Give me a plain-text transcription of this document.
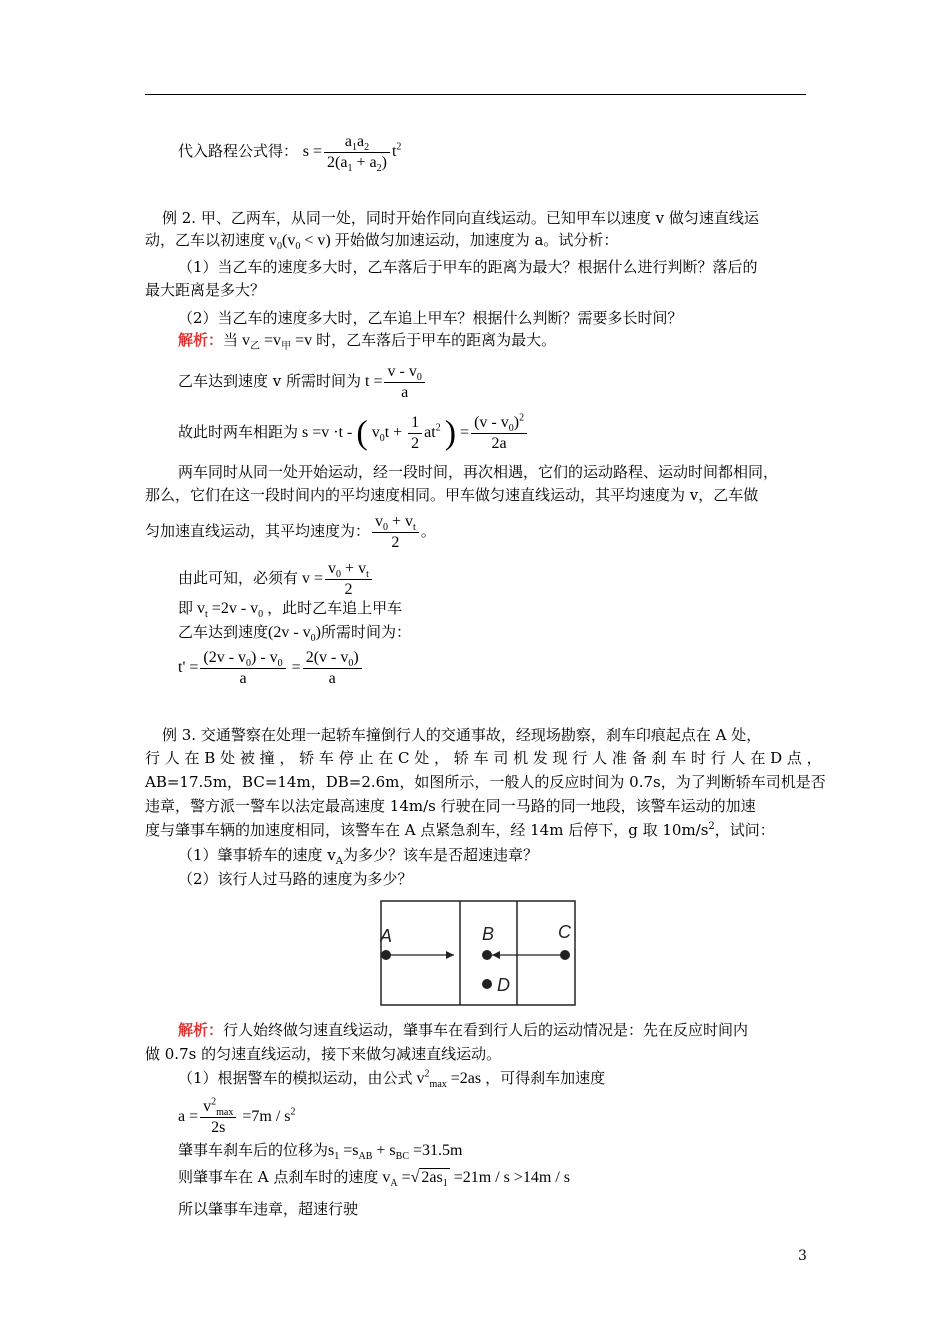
代入路程公式得： $s = \frac{a_1a_2}{2(a_1 + a_2)} t^2$
例 2. 甲、乙两车，从同一处，同时开始作同向直线运动。已知甲车以速度 v 做匀速直线运
动，乙车以初速度 $v_0(v_0 < v)$ 开始做匀加速运动，加速度为 a。试分析：
（1）当乙车的速度多大时，乙车落后于甲车的距离为最大？根据什么进行判断？落后的
最大距离是多大？
（2）当乙车的速度多大时，乙车追上甲车？根据什么判断？需要多长时间？
解析：当 $v_乙 =v_甲 =v$ 时，乙车落后于甲车的距离为最大。
乙车达到速度 v 所需时间为 $t = \frac{v - v_0}{a}$
故此时两车相距为 s =v ·t - ( $v_0t + \frac{1}{2} at^2$ ) = $\frac{(v - v_0)^2}{2a}$
两车同时从同一处开始运动，经一段时间，再次相遇，它们的运动路程、运动时间都相同，
那么，它们在这一段时间内的平均速度相同。甲车做匀速直线运动，其平均速度为 v，乙车做
匀加速直线运动，其平均速度为： $\frac{v_0 + v_t}{2}$ 。
由此可知，必须有 $v = \frac{v_0 + v_t}{2}$
即 $v_t =2v - v_0$ ，此时乙车追上甲车
乙车达到速度$(2v - v_0)$所需时间为：
$t' = \frac{(2v - v_0) - v_0}{a} = \frac{2(v - v_0)}{a}$
例 3. 交通警察在处理一起轿车撞倒行人的交通事故，经现场勘察，刹车印痕起点在 A 处，
行 人 在 B 处 被 撞 ， 轿 车 停 止 在 C 处 ， 轿 车 司 机 发 现 行 人 准 备 刹 车 时 行 人 在 D 点 ，
AB=17.5m，BC=14m，DB=2.6m，如图所示，一般人的反应时间为 0.7s，为了判断轿车司机是否
违章，警方派一警车以法定最高速度 14m/s 行驶在同一马路的同一地段，该警车运动的加速
度与肇事车辆的加速度相同，该警车在 A 点紧急刹车，经 14m 后停下，g 取 $10m/s^2$，试问：
（1）肇事轿车的速度 $v_A$为多少？该车是否超速违章？
（2）该行人过马路的速度为多少？
A	B	C
D
解析：行人始终做匀速直线运动，肇事车在看到行人后的运动情况是：先在反应时间内
做 0.7s 的匀速直线运动，接下来做匀减速直线运动。
（1）根据警车的模拟运动，由公式 $v^2_{max} =2as$ ，可得刹车加速度
$a = \frac{v^2_{max}}{2s} =7m / s^2$
肇事车刹车后的位移为$s_1 =s_{AB} + s_{BC} =31.5m$
则肇事车在 A 点刹车时的速度 $v_A$ =√ $2as_1 =21m / s >14m / s$
所以肇事车违章，超速行驶
3
